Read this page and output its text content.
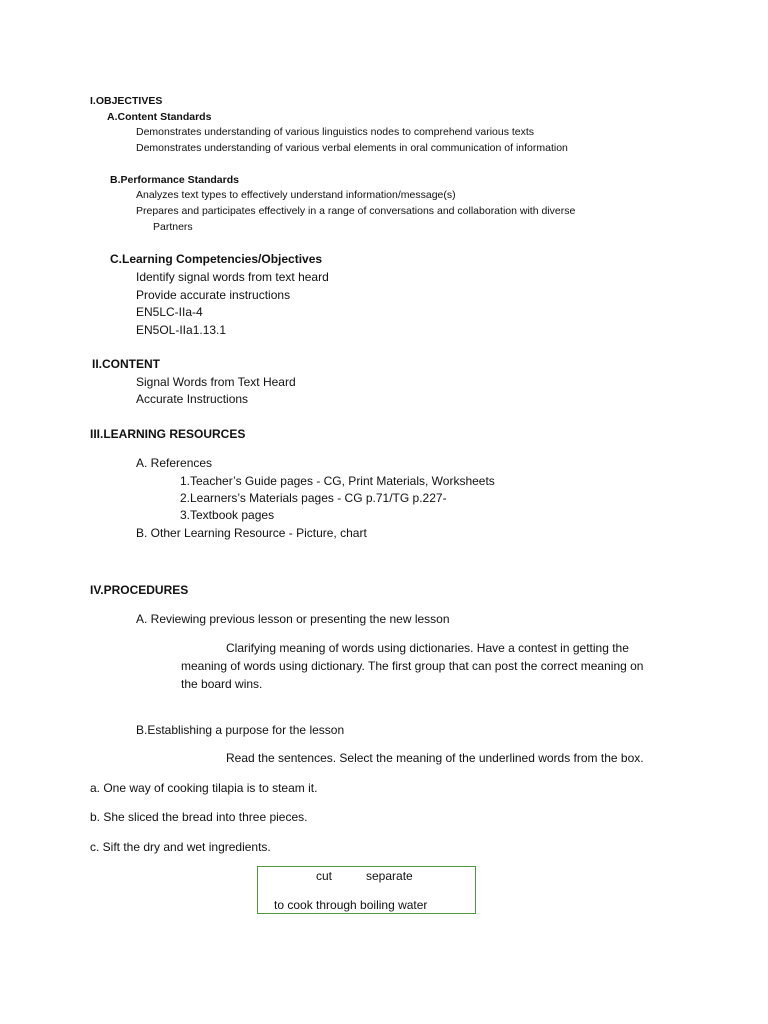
I.OBJECTIVES
A.Content Standards
Demonstrates understanding of various linguistics nodes to comprehend various texts
Demonstrates understanding of various verbal elements in oral communication of information
B.Performance Standards
Analyzes text types to effectively understand information/message(s)
Prepares and participates effectively in a range of conversations and collaboration with diverse
Partners
C.Learning Competencies/Objectives
Identify signal words from text heard
Provide accurate instructions
EN5LC-IIa-4
EN5OL-IIa1.13.1
II.CONTENT
Signal Words from Text Heard
Accurate Instructions
III.LEARNING RESOURCES
A. References
1.Teacher’s Guide pages - CG, Print Materials, Worksheets
2.Learners’s Materials pages - CG p.71/TG p.227-
3.Textbook pages
B. Other Learning Resource - Picture, chart
IV.PROCEDURES
A. Reviewing previous lesson or presenting the new lesson
Clarifying meaning of words using dictionaries. Have a contest in getting the
meaning of words using dictionary. The first group that can post the correct meaning on
the board wins.
B.Establishing a purpose for the lesson
Read the sentences. Select the meaning of the underlined words from the box.
a. One way of cooking tilapia is to steam it.
b. She sliced the bread into three pieces.
c. Sift the dry and wet ingredients.
cut	separate
to cook through boiling water
